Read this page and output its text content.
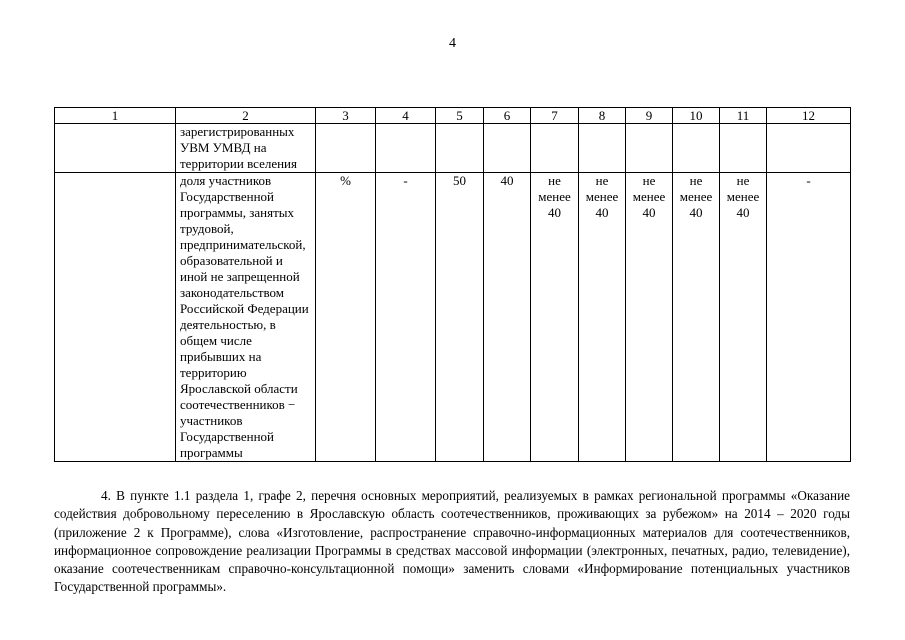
4
1	2	3	4	5	6	7	8	9	10	11	12
	зарегистрированных УВМ УМВД на территории вселения										
	доля участников Государственной программы, занятых трудовой, предпринимательской, образовательной и иной не запрещенной законодательством Российской Федерации деятельностью, в общем числе прибывших на территорию Ярославской области соотечественников − участников Государственной программы	%	-	50	40	не менее 40	не менее 40	не менее 40	не менее 40	не менее 40	-
4. В пункте 1.1 раздела 1, графе 2, перечня основных мероприятий, реализуемых в рамках региональной программы «Оказание содействия добровольному переселению в Ярославскую область соотечественников, проживающих за рубежом» на 2014 – 2020 годы (приложение 2 к Программе), слова «Изготовление, распространение справочно-информационных материалов для соотечественников, информационное сопровождение реализации Программы в средствах массовой информации (электронных, печатных, радио, телевидение), оказание соотечественникам справочно-консультационной помощи» заменить словами «Информирование потенциальных участников Государственной программы».
